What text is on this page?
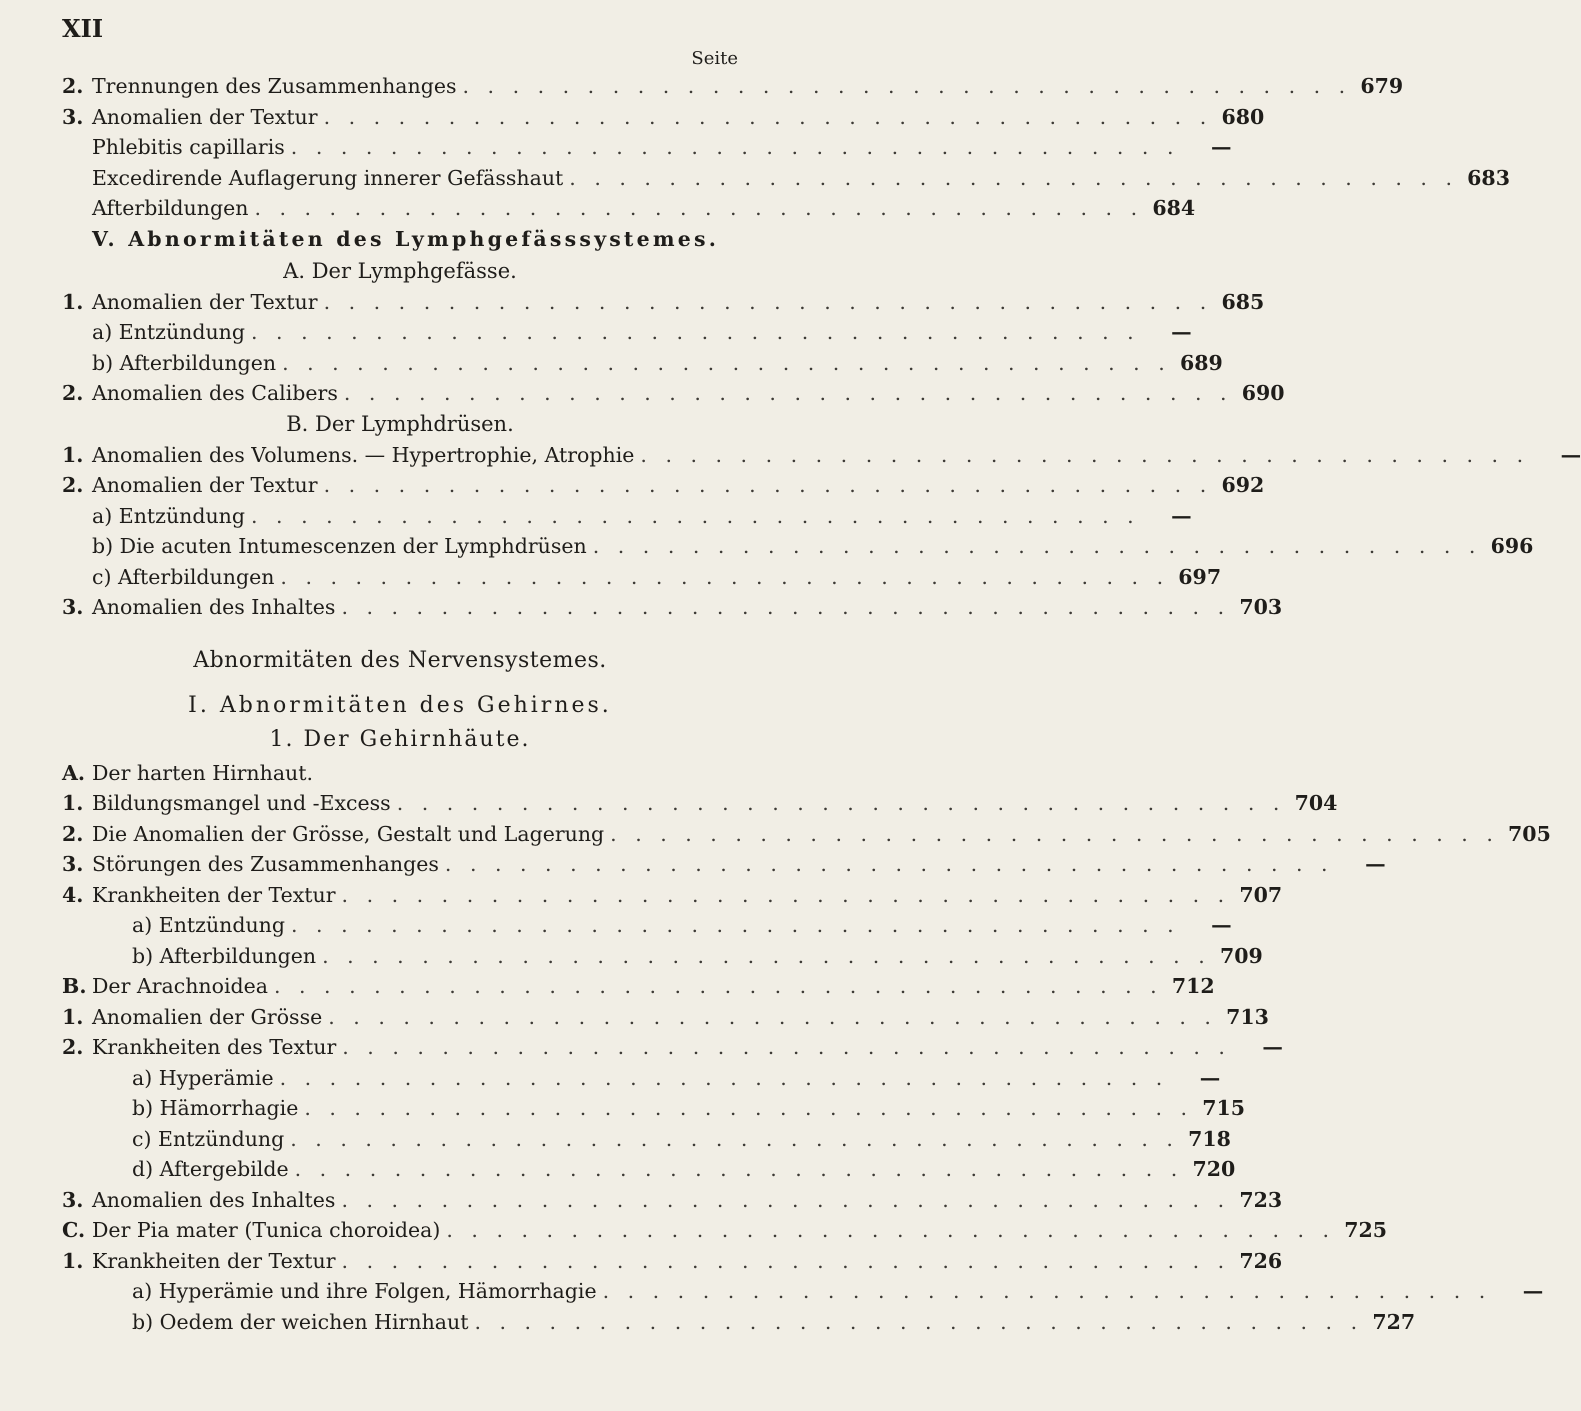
XII
Seite
2. Trennungen des Zusammenhanges . . . . . . . . . . . . . . . . . . . . . . . . . . . . . . . . . . . . 679
3. Anomalien der Textur . . . . . . . . . . . . . . . . . . . . . . . . . . . . . . . . . . . . 680
Phlebitis capillaris . . . . . . . . . . . . . . . . . . . . . . . . . . . . . . . . . . . .	—
Excedirende Auflagerung innerer Gefässhaut . . . . . . . . . . . . . . . . . . . . . . . . . . . . . . . . . . . . 683
Afterbildungen . . . . . . . . . . . . . . . . . . . . . . . . . . . . . . . . . . . . 684
V. Abnormitäten des Lymphgefässsystemes.
A. Der Lymphgefässe.
1. Anomalien der Textur . . . . . . . . . . . . . . . . . . . . . . . . . . . . . . . . . . . . 685
a) Entzündung . . . . . . . . . . . . . . . . . . . . . . . . . . . . . . . . . . . .	—
b) Afterbildungen . . . . . . . . . . . . . . . . . . . . . . . . . . . . . . . . . . . . 689
2. Anomalien des Calibers . . . . . . . . . . . . . . . . . . . . . . . . . . . . . . . . . . . . 690
B. Der Lymphdrüsen.
1. Anomalien des Volumens. — Hypertrophie, Atrophie . . . . . . . . . . . . . . . . . . . . . . . . . . . . . . . . . . . .	—
2. Anomalien der Textur . . . . . . . . . . . . . . . . . . . . . . . . . . . . . . . . . . . . 692
a) Entzündung . . . . . . . . . . . . . . . . . . . . . . . . . . . . . . . . . . . .	—
b) Die acuten Intumescenzen der Lymphdrüsen . . . . . . . . . . . . . . . . . . . . . . . . . . . . . . . . . . . . 696
c) Afterbildungen . . . . . . . . . . . . . . . . . . . . . . . . . . . . . . . . . . . . 697
3. Anomalien des Inhaltes . . . . . . . . . . . . . . . . . . . . . . . . . . . . . . . . . . . . 703
Abnormitäten des Nervensystemes.
I. Abnormitäten des Gehirnes.
1. Der Gehirnhäute.
A. Der harten Hirnhaut.
1. Bildungsmangel und -Excess . . . . . . . . . . . . . . . . . . . . . . . . . . . . . . . . . . . . 704
2. Die Anomalien der Grösse, Gestalt und Lagerung . . . . . . . . . . . . . . . . . . . . . . . . . . . . . . . . . . . . 705
3. Störungen des Zusammenhanges . . . . . . . . . . . . . . . . . . . . . . . . . . . . . . . . . . . .	—
4. Krankheiten der Textur . . . . . . . . . . . . . . . . . . . . . . . . . . . . . . . . . . . . 707
a) Entzündung . . . . . . . . . . . . . . . . . . . . . . . . . . . . . . . . . . . .	—
b) Afterbildungen . . . . . . . . . . . . . . . . . . . . . . . . . . . . . . . . . . . . 709
B. Der Arachnoidea . . . . . . . . . . . . . . . . . . . . . . . . . . . . . . . . . . . . 712
1. Anomalien der Grösse . . . . . . . . . . . . . . . . . . . . . . . . . . . . . . . . . . . . 713
2. Krankheiten des Textur . . . . . . . . . . . . . . . . . . . . . . . . . . . . . . . . . . . .	—
a) Hyperämie . . . . . . . . . . . . . . . . . . . . . . . . . . . . . . . . . . . .	—
b) Hämorrhagie . . . . . . . . . . . . . . . . . . . . . . . . . . . . . . . . . . . . 715
c) Entzündung . . . . . . . . . . . . . . . . . . . . . . . . . . . . . . . . . . . . 718
d) Aftergebilde . . . . . . . . . . . . . . . . . . . . . . . . . . . . . . . . . . . . 720
3. Anomalien des Inhaltes . . . . . . . . . . . . . . . . . . . . . . . . . . . . . . . . . . . . 723
C. Der Pia mater (Tunica choroidea) . . . . . . . . . . . . . . . . . . . . . . . . . . . . . . . . . . . . 725
1. Krankheiten der Textur . . . . . . . . . . . . . . . . . . . . . . . . . . . . . . . . . . . . 726
a) Hyperämie und ihre Folgen, Hämorrhagie . . . . . . . . . . . . . . . . . . . . . . . . . . . . . . . . . . . .	—
b) Oedem der weichen Hirnhaut . . . . . . . . . . . . . . . . . . . . . . . . . . . . . . . . . . . . 727
